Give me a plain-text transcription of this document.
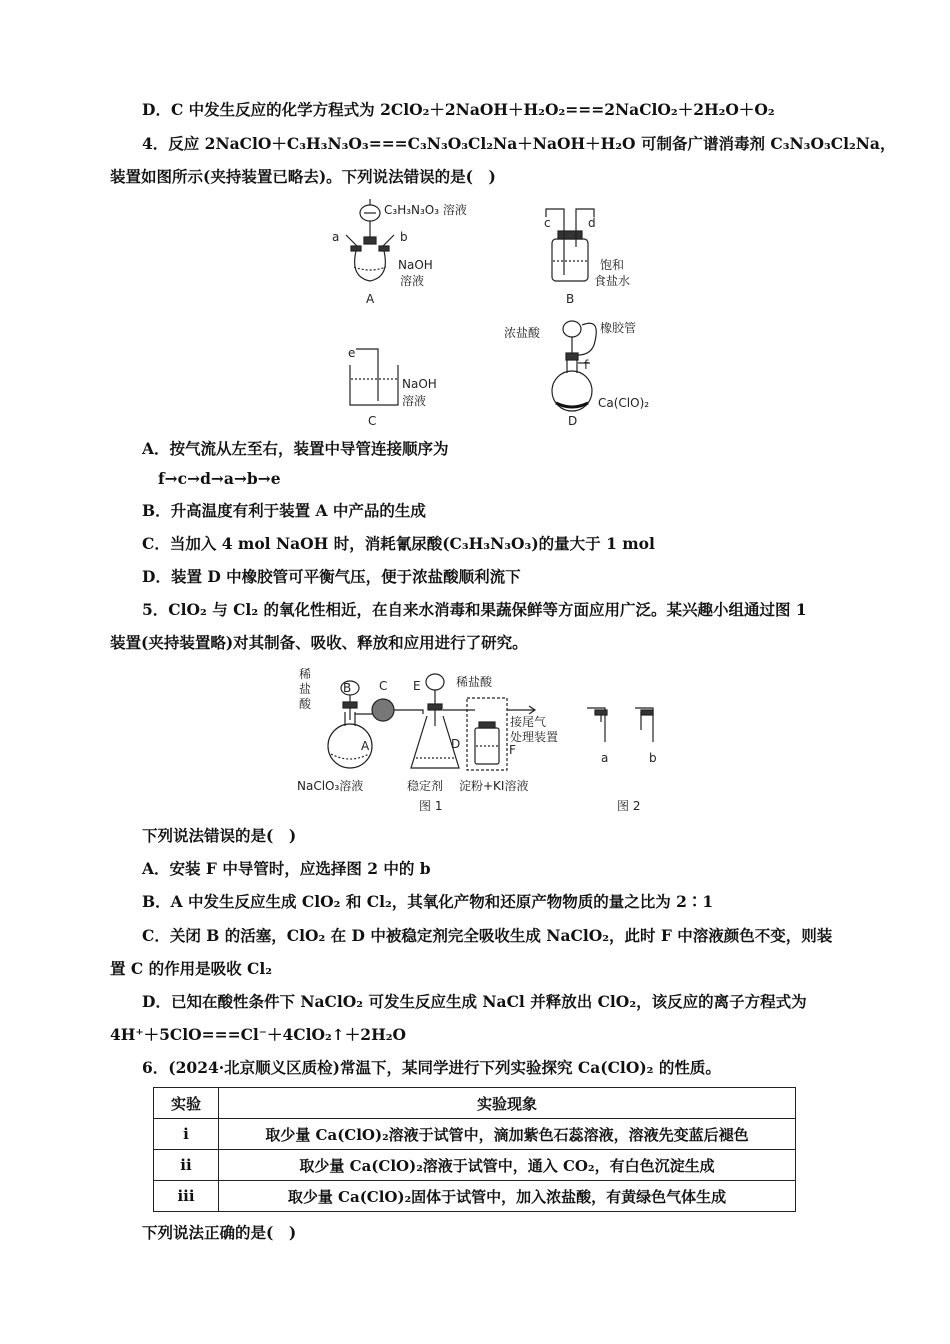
D．C 中发生反应的化学方程式为 2ClO₂＋2NaOH＋H₂O₂===2NaClO₂＋2H₂O＋O₂
4．反应 2NaClO＋C₃H₃N₃O₃===C₃N₃O₃Cl₂Na＋NaOH＋H₂O 可制备广谱消毒剂 C₃N₃O₃Cl₂Na，
装置如图所示(夹持装置已略去)。下列说法错误的是(　)
C₃H₃N₃O₃ 溶液
a	b
NaOH
溶液
A
c	d
饱和
食盐水
B
e
NaOH
溶液
C
浓盐酸	橡胶管
f
Ca(ClO)₂
D
A．按气流从左至右，装置中导管连接顺序为
f→c→d→a→b→e
B．升高温度有利于装置 A 中产品的生成
C．当加入 4 mol NaOH 时，消耗氰尿酸(C₃H₃N₃O₃)的量大于 1 mol
D．装置 D 中橡胶管可平衡气压，便于浓盐酸顺利流下
5．ClO₂ 与 Cl₂ 的氧化性相近，在自来水消毒和果蔬保鲜等方面应用广泛。某兴趣小组通过图 1
装置(夹持装置略)对其制备、吸收、释放和应用进行了研究。
稀
盐
酸
B C E	稀盐酸
接尾气
处理装置
A	D	F
NaClO₃溶液	稳定剂 淀粉+KI溶液
图 1	图 2
a	b
下列说法错误的是(　)
A．安装 F 中导管时，应选择图 2 中的 b
B．A 中发生反应生成 ClO₂ 和 Cl₂，其氧化产物和还原产物物质的量之比为 2∶1
C．关闭 B 的活塞，ClO₂ 在 D 中被稳定剂完全吸收生成 NaClO₂，此时 F 中溶液颜色不变，则装
置 C 的作用是吸收 Cl₂
D．已知在酸性条件下 NaClO₂ 可发生反应生成 NaCl 并释放出 ClO₂，该反应的离子方程式为
4H⁺＋5ClO===Cl⁻＋4ClO₂↑＋2H₂O
6．(2024·北京顺义区质检)常温下，某同学进行下列实验探究 Ca(ClO)₂ 的性质。
实验	实验现象
i	取少量 Ca(ClO)₂溶液于试管中，滴加紫色石蕊溶液，溶液先变蓝后褪色
ii	取少量 Ca(ClO)₂溶液于试管中，通入 CO₂，有白色沉淀生成
iii	取少量 Ca(ClO)₂固体于试管中，加入浓盐酸，有黄绿色气体生成
下列说法正确的是(　)
